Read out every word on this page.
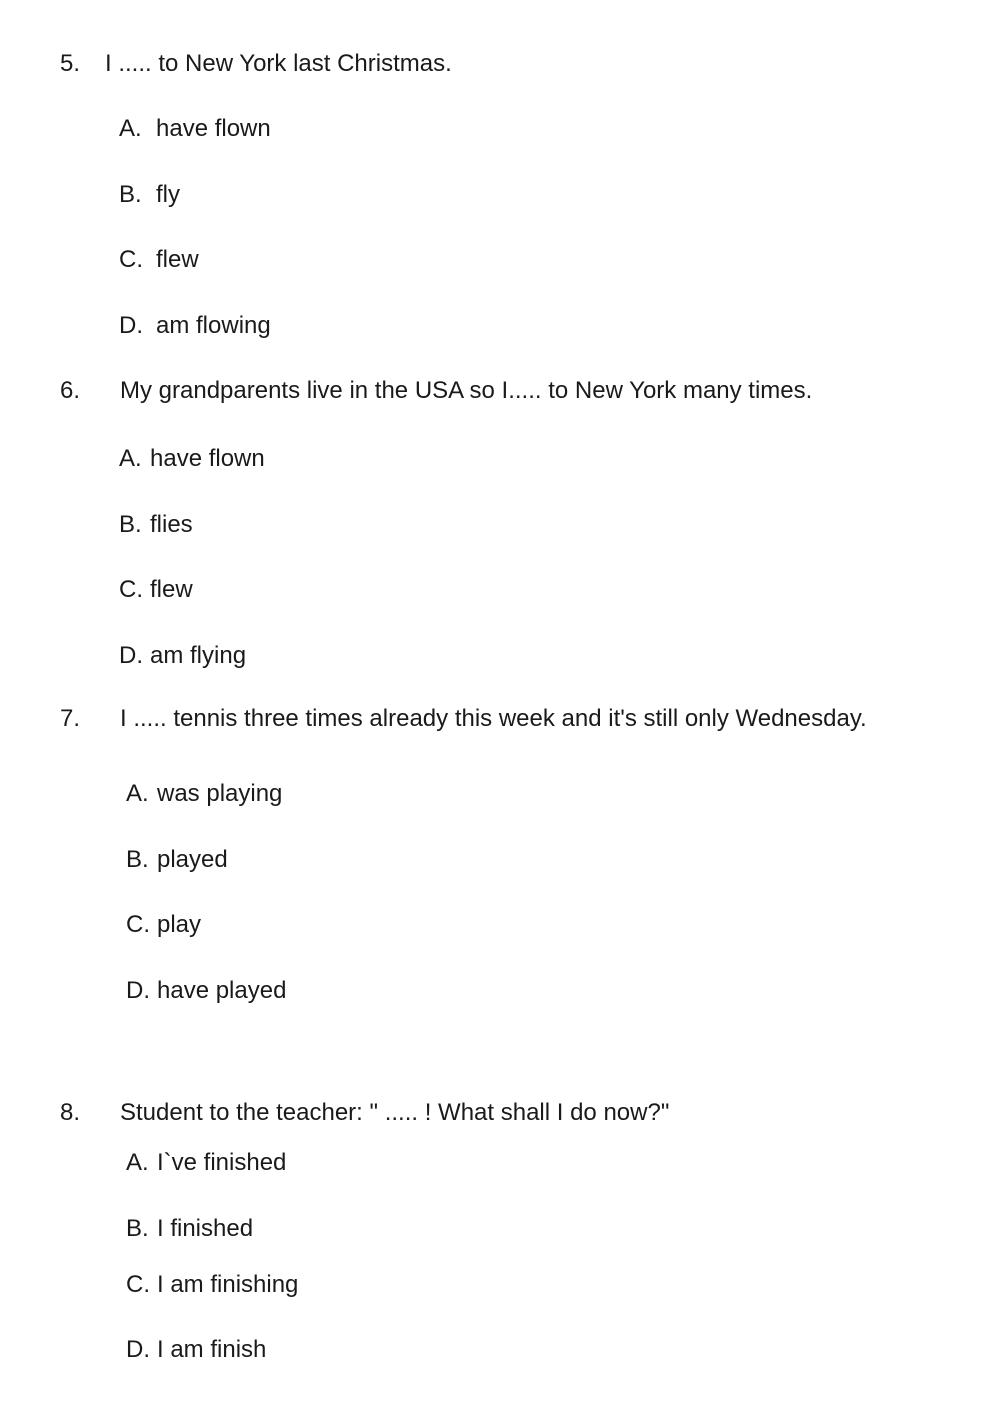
5. I ..... to New York last Christmas.
A. have flown
B. fly
C. flew
D. am flowing
6. My grandparents live in the USA so I..... to New York many times.
A. have flown
B. flies
C. flew
D. am flying
7. I ..... tennis three times already this week and it's still only Wednesday.
A. was playing
B. played
C. play
D. have played
8. Student to the teacher: " ..... ! What shall I do now?"
A. I`ve finished
B. I finished
C. I am finishing
D. I am finish
